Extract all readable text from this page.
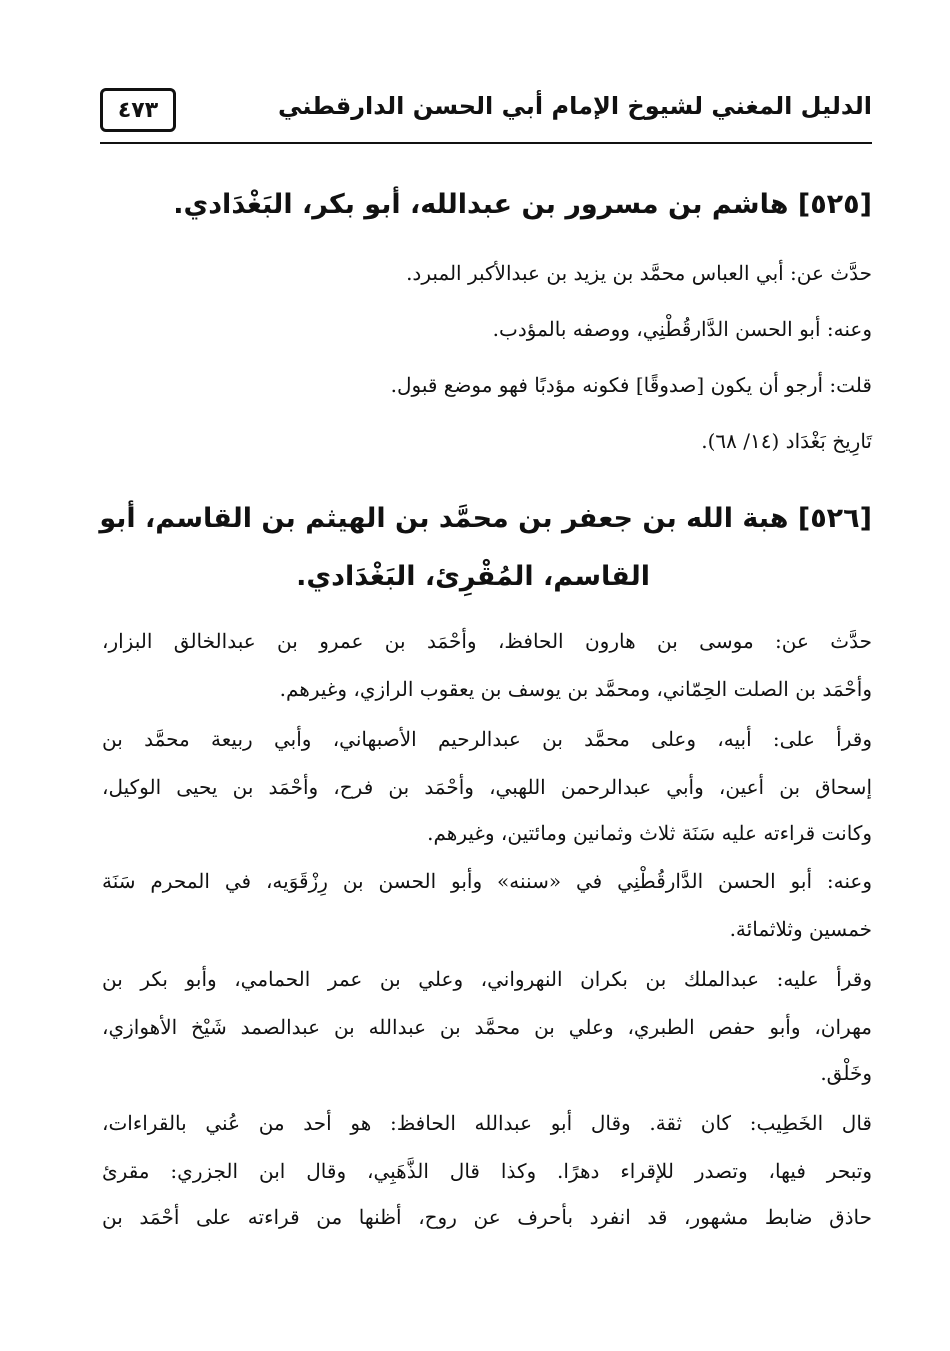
الدليل المغني لشيوخ الإمام أبي الحسن الدارقطني
٤٧٣
[٥٢٥] هاشم بن مسرور بن عبدالله، أبو بكر، البَغْدَادي.
حدَّث عن: أبي العباس محمَّد بن يزيد بن عبدالأكبر المبرد.
وعنه: أبو الحسن الدَّارقُطْنِي، ووصفه بالمؤدب.
قلت: أرجو أن يكون [صدوقًا] فكونه مؤدبًا فهو موضع قبول.
تَارِيخ بَغْدَاد (١٤/ ٦٨).
[٥٢٦] هبة الله بن جعفر بن محمَّد بن الهيثم بن القاسم، أبو
القاسم، المُقْرِئ، البَغْدَادي.
حدَّث عن: موسى بن هارون الحافظ، وأحْمَد بن عمرو بن عبدالخالق البزار،
وأحْمَد بن الصلت الحِمّاني، ومحمَّد بن يوسف بن يعقوب الرازي، وغيرهم.
وقرأ على: أبيه، وعلى محمَّد بن عبدالرحيم الأصبهاني، وأبي ربيعة محمَّد بن
إسحاق بن أعين، وأبي عبدالرحمن اللهبي، وأحْمَد بن فرح، وأحْمَد بن يحيى الوكيل،
وكانت قراءته عليه سَنَة ثلاث وثمانين ومائتين، وغيرهم.
وعنه: أبو الحسن الدَّارقُطْنِي في «سننه» وأبو الحسن بن رِزْقَوَيه، في المحرم سَنَة
خمسين وثلاثمائة.
وقرأ عليه: عبدالملك بن بكران النهرواني، وعلي بن عمر الحمامي، وأبو بكر بن
مهران، وأبو حفص الطبري، وعلي بن محمَّد بن عبدالله بن عبدالصمد شَيْخ الأهوازي،
وخَلْق.
قال الخَطِيب: كان ثقة. وقال أبو عبدالله الحافظ: هو أحد من عُني بالقراءات،
وتبحر فيها، وتصدر للإقراء دهرًا. وكذا قال الذَّهَبِي، وقال ابن الجزري: مقرئ
حاذق ضابط مشهور، قد انفرد بأحرف عن روح، أظنها من قراءته على أحْمَد بن
